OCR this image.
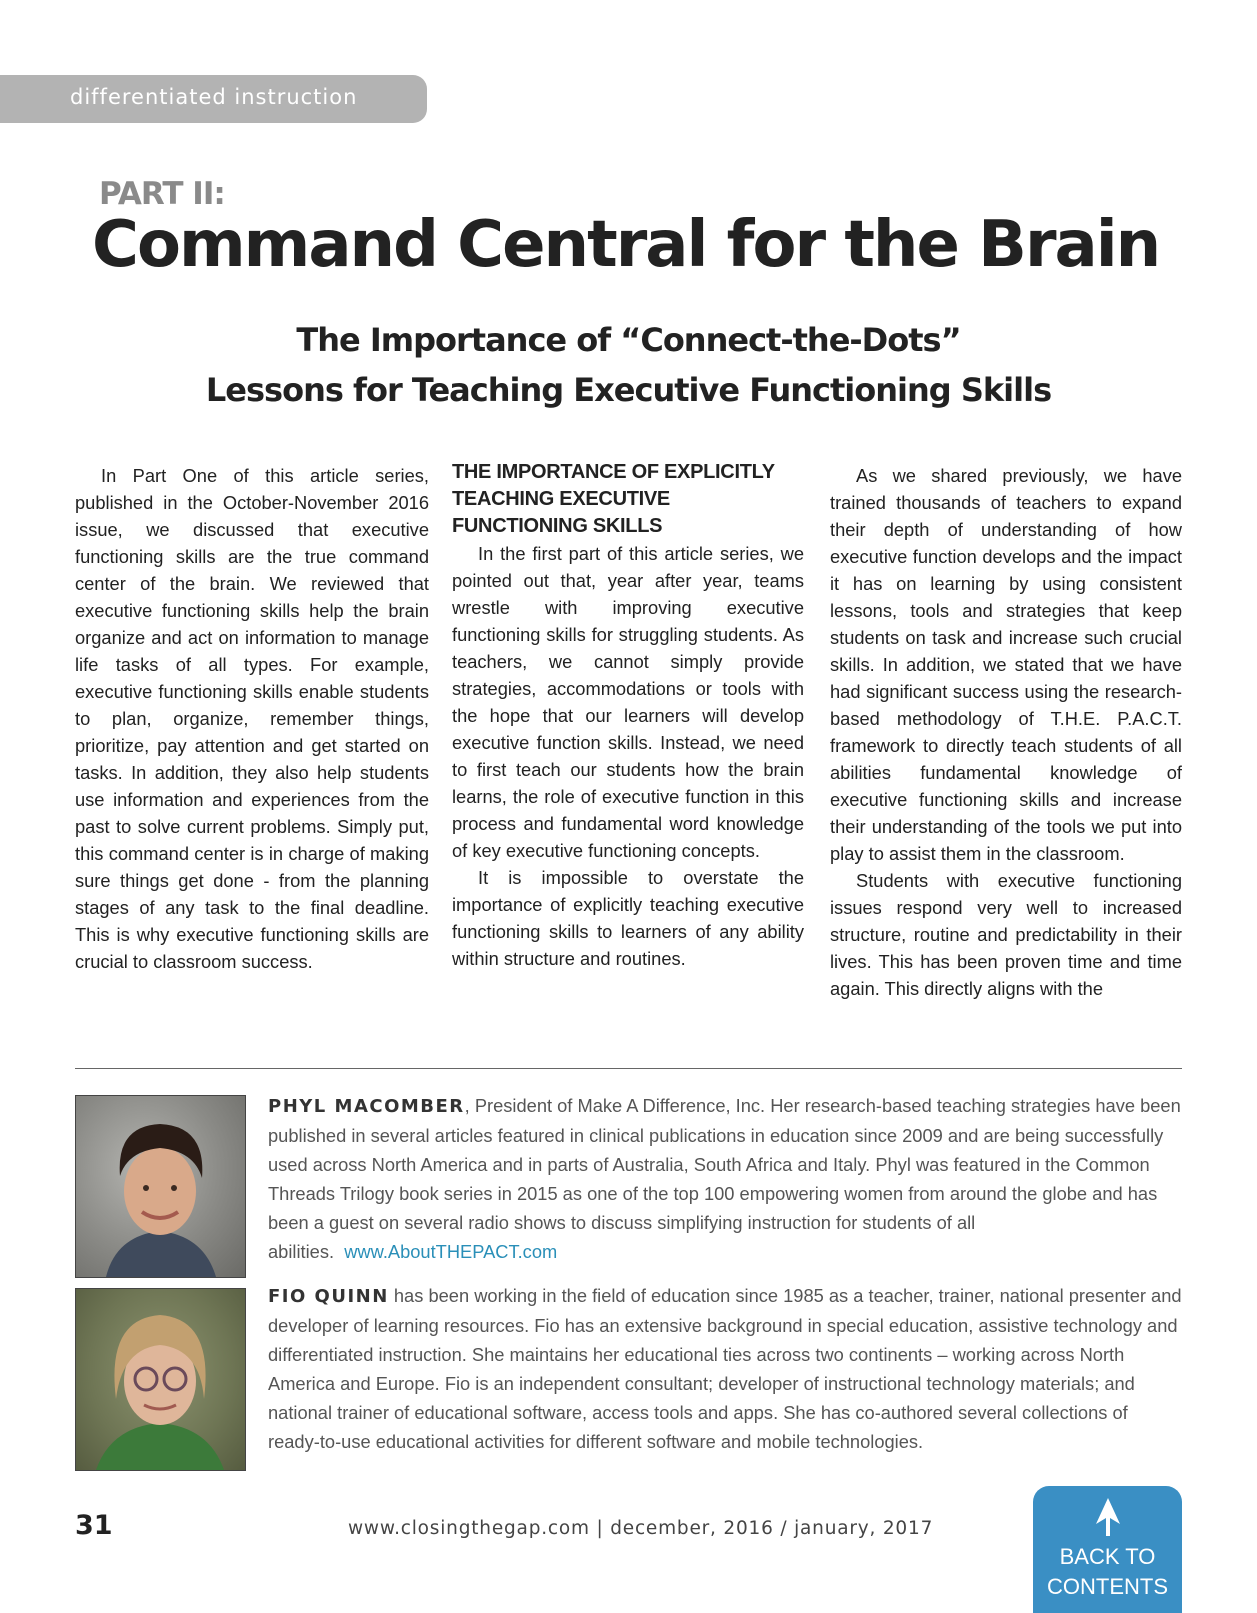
differentiated instruction
PART II:
Command Central for the Brain
The Importance of “Connect-the-Dots”
Lessons for Teaching Executive Functioning Skills

In Part One of this article series, published in the October-November 2016 issue, we discussed that executive functioning skills are the true command center of the brain. We reviewed that executive functioning skills help the brain organize and act on information to manage life tasks of all types. For example, executive functioning skills enable students to plan, organize, remember things, prioritize, pay attention and get started on tasks. In addition, they also help students use information and experiences from the past to solve current problems. Simply put, this command center is in charge of making sure things get done - from the planning stages of any task to the final deadline. This is why executive functioning skills are crucial to classroom success.

THE IMPORTANCE OF EXPLICITLY TEACHING EXECUTIVE FUNCTIONING SKILLS

In the first part of this article series, we pointed out that, year after year, teams wrestle with improving executive functioning skills for struggling students. As teachers, we cannot simply provide strategies, accommodations or tools with the hope that our learners will develop executive function skills. Instead, we need to first teach our students how the brain learns, the role of executive function in this process and fundamental word knowledge of key executive functioning concepts.

It is impossible to overstate the importance of explicitly teaching executive functioning skills to learners of any ability within structure and routines.

As we shared previously, we have trained thousands of teachers to expand their depth of understanding of how executive function develops and the impact it has on learning by using consistent lessons, tools and strategies that keep students on task and increase such crucial skills. In addition, we stated that we have had significant success using the research-based methodology of T.H.E. P.A.C.T. framework to directly teach students of all abilities fundamental knowledge of executive functioning skills and increase their understanding of the tools we put into play to assist them in the classroom.

Students with executive functioning issues respond very well to increased structure, routine and predictability in their lives. This has been proven time and time again. This directly aligns with the

PHYL MACOMBER, President of Make A Difference, Inc. Her research-based teaching strategies have been published in several articles featured in clinical publications in education since 2009 and are being successfully used across North America and in parts of Australia, South Africa and Italy. Phyl was featured in the Common Threads Trilogy book series in 2015 as one of the top 100 empowering women from around the globe and has been a guest on several radio shows to discuss simplifying instruction for students of all abilities. www.AboutTHEPACT.com
FIO QUINN has been working in the field of education since 1985 as a teacher, trainer, national presenter and developer of learning resources. Fio has an extensive background in special education, assistive technology and differentiated instruction. She maintains her educational ties across two continents – working across North America and Europe. Fio is an independent consultant; developer of instructional technology materials; and national trainer of educational software, access tools and apps. She has co-authored several collections of ready-to-use educational activities for different software and mobile technologies.
31	www.closingthegap.com | december, 2016 / january, 2017
BACK TO
CONTENTS
